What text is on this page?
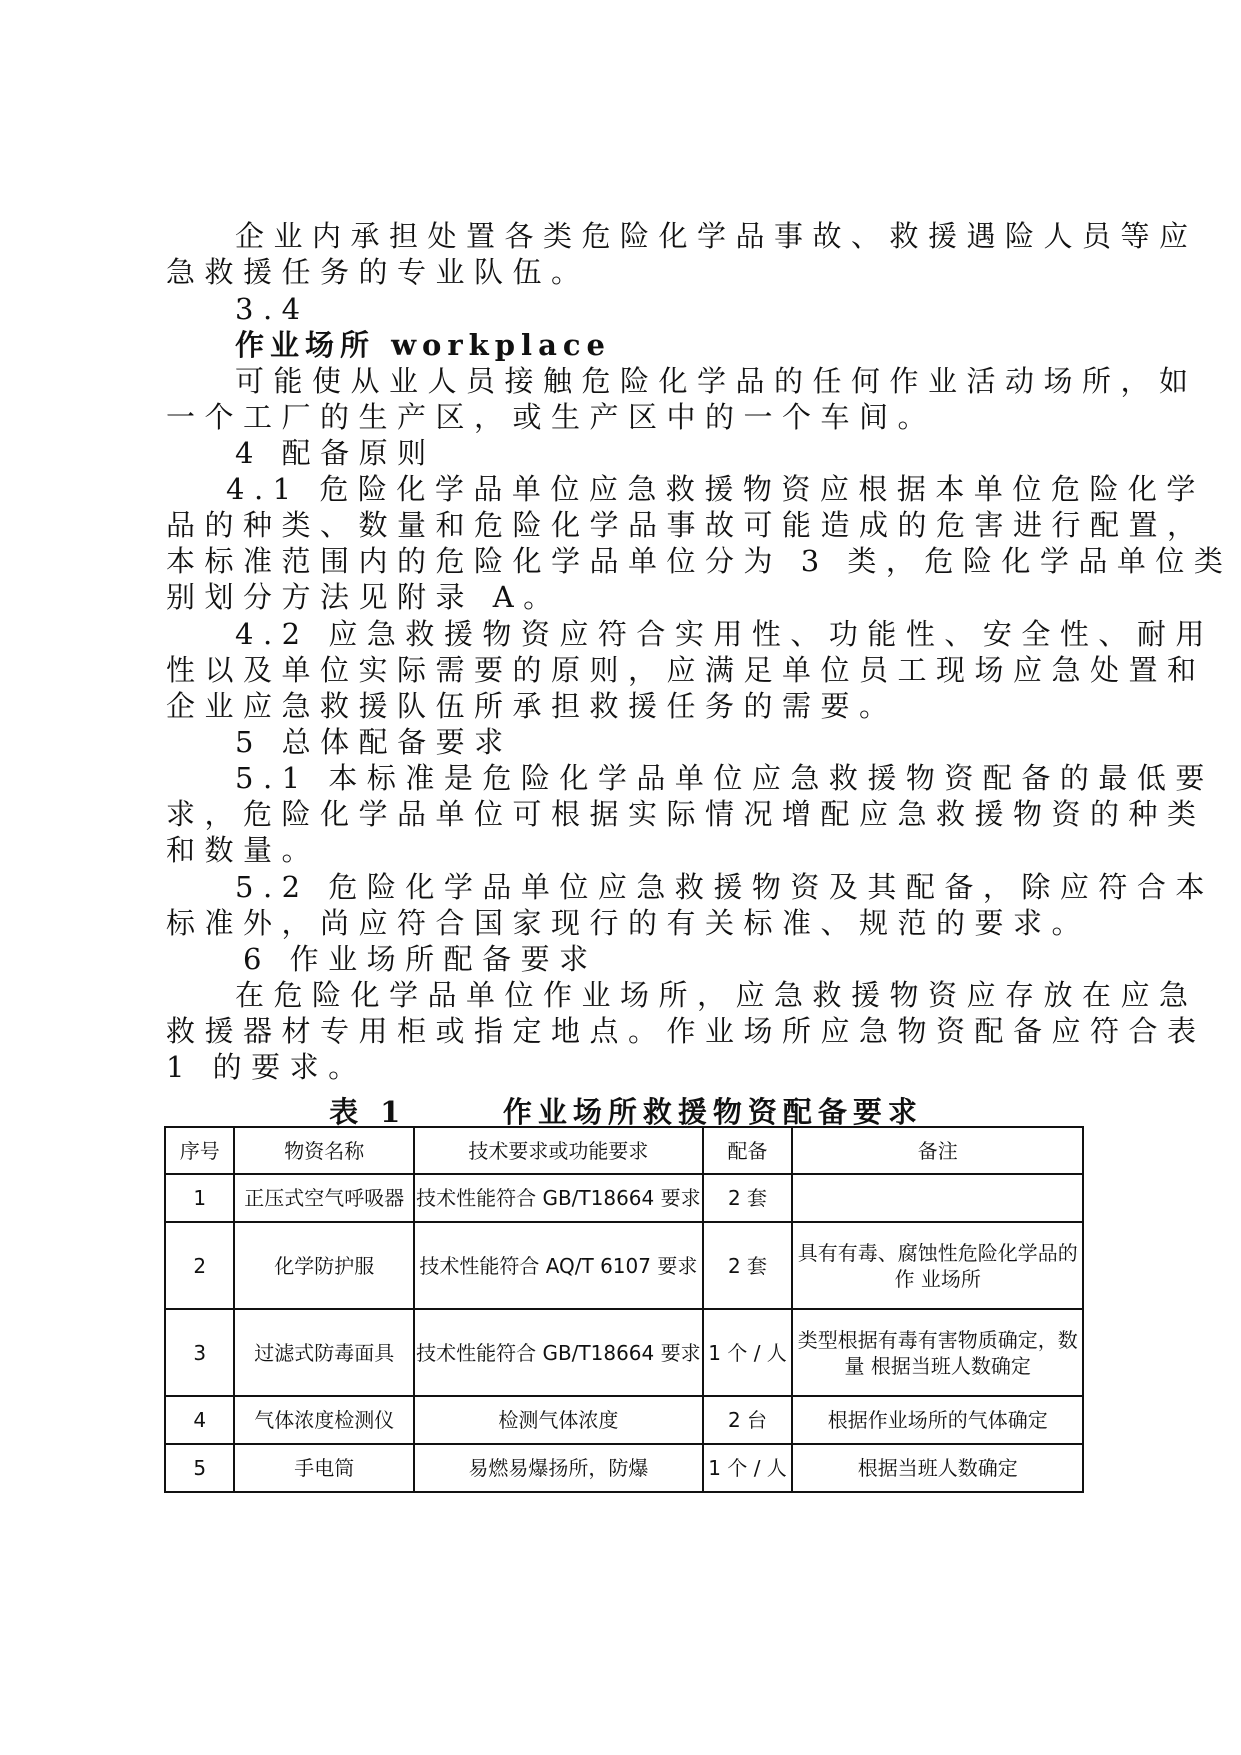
企业内承担处置各类危险化学品事故、救援遇险人员等应
急救援任务的专业队伍。
3.4
作业场所 workplace
可能使从业人员接触危险化学品的任何作业活动场所，如
一个工厂的生产区，或生产区中的一个车间。
4 配备原则
4.1 危险化学品单位应急救援物资应根据本单位危险化学
品的种类、数量和危险化学品事故可能造成的危害进行配置，
本标准范围内的危险化学品单位分为 3 类，危险化学品单位类
别划分方法见附录 A。
4.2 应急救援物资应符合实用性、功能性、安全性、耐用
性以及单位实际需要的原则，应满足单位员工现场应急处置和
企业应急救援队伍所承担救援任务的需要。
5 总体配备要求
5.1 本标准是危险化学品单位应急救援物资配备的最低要
求，危险化学品单位可根据实际情况增配应急救援物资的种类
和数量。
5.2 危险化学品单位应急救援物资及其配备，除应符合本
标准外，尚应符合国家现行的有关标准、规范的要求。
6 作业场所配备要求
在危险化学品单位作业场所，应急救援物资应存放在应急
救援器材专用柜或指定地点。作业场所应急物资配备应符合表
1 的要求。
表 1      作业场所救援物资配备要求
序号	物资名称	技术要求或功能要求	配备	备注
1	正压式空气呼吸器	技术性能符合 GB/T18664 要求	2 套	
2	化学防护服	技术性能符合 AQ/T 6107 要求	2 套	具有有毒、腐蚀性危险化学品的作 业场所
3	过滤式防毒面具	技术性能符合 GB/T18664 要求	1 个 / 人	类型根据有毒有害物质确定，数量 根据当班人数确定
4	气体浓度检测仪	检测气体浓度	2 台	根据作业场所的气体确定
5	手电筒	易燃易爆扬所，防爆	1 个 / 人	根据当班人数确定
